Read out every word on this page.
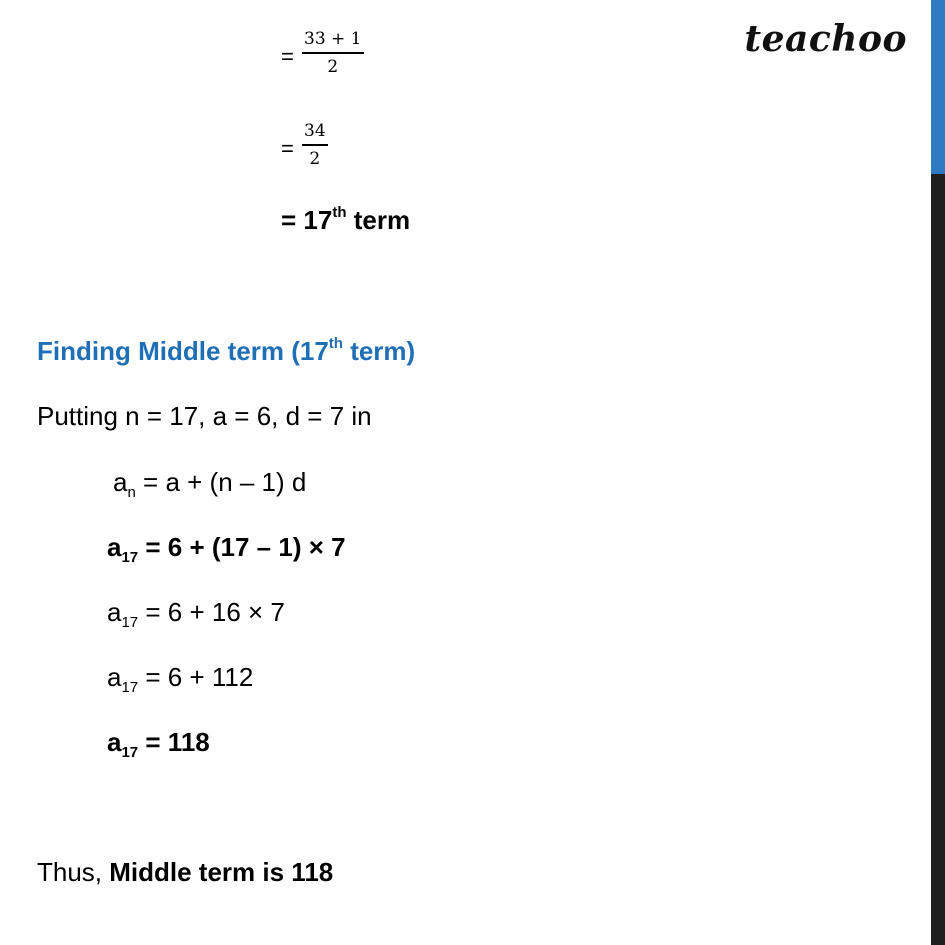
teachoo
=
33 + 1
2
=
34
2
= 17th term
Finding Middle term (17th term)
Putting n = 17, a = 6, d = 7 in
$a_n = a + (n - 1)$ d
$a_{17} = 6 + (17 - 1) \times 7$
$a_{17} = 6 + 16 \times 7$
$a_{17} = 6 + 112$
$a_{17} = 118$
Thus, Middle term is 118
